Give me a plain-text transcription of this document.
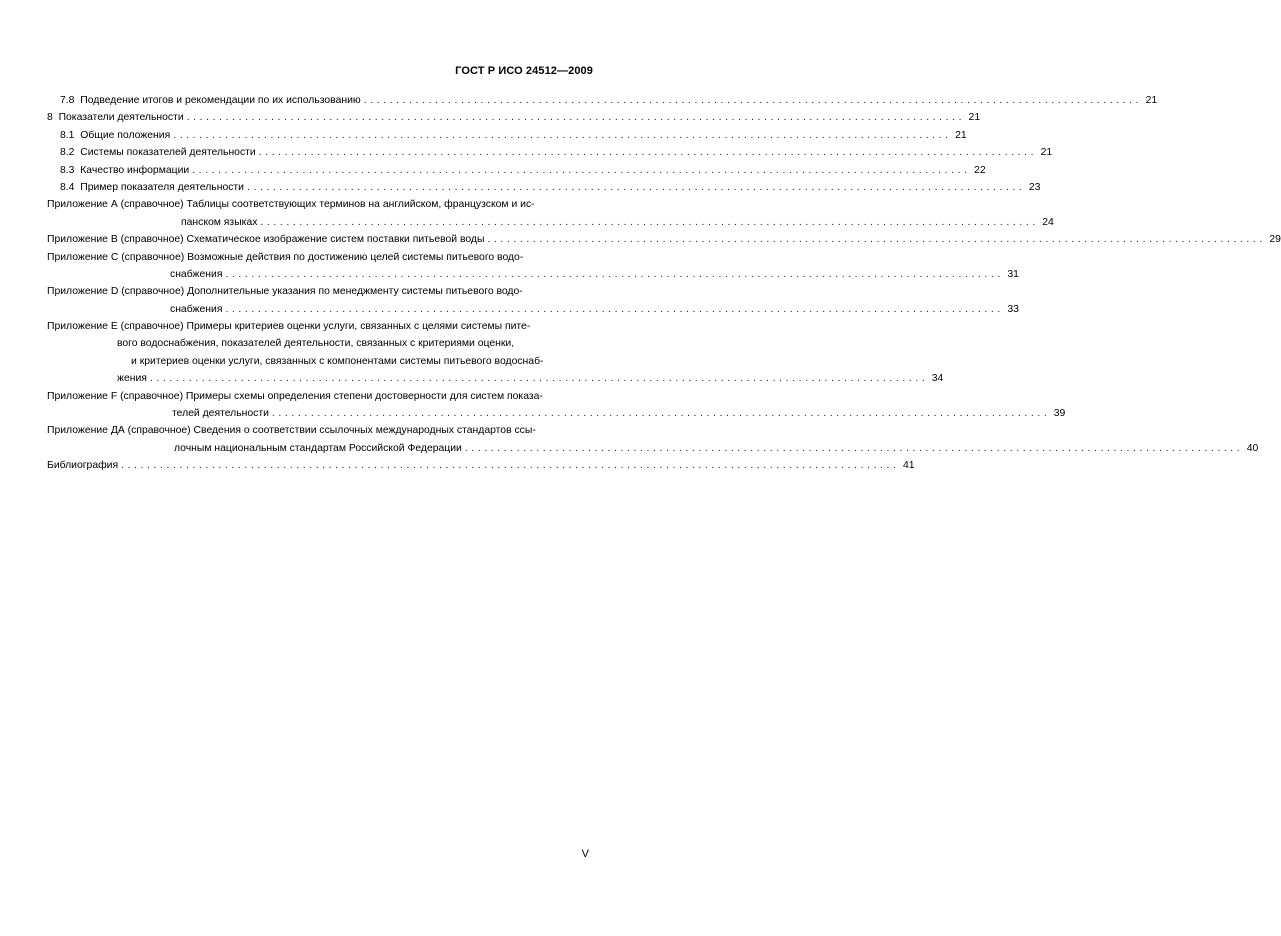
ГОСТ Р ИСО 24512—2009
7.8 Подведение итогов и рекомендации по их использованию ........................................................................................................................ 21
8 Показатели деятельности ........................................................................................................................ 21
8.1 Общие положения ........................................................................................................................ 21
8.2 Системы показателей деятельности ........................................................................................................................ 21
8.3 Качество информации ........................................................................................................................ 22
8.4 Пример показателя деятельности ........................................................................................................................ 23
Приложение А (справочное) Таблицы соответствующих терминов на английском, французском и ис-
панском языках ........................................................................................................................ 24
Приложение В (справочное) Схематическое изображение систем поставки питьевой воды ........................................................................................................................ 29
Приложение С (справочное) Возможные действия по достижению целей системы питьевого водо-
снабжения ........................................................................................................................ 31
Приложение D (справочное) Дополнительные указания по менеджменту системы питьевого водо-
снабжения ........................................................................................................................ 33
Приложение Е (справочное) Примеры критериев оценки услуги, связанных с целями системы пите-
вого водоснабжения, показателей деятельности, связанных с критериями оценки,
и критериев оценки услуги, связанных с компонентами системы питьевого водоснаб-
жения ........................................................................................................................ 34
Приложение F (справочное) Примеры схемы определения степени достоверности для систем показа-
телей деятельности ........................................................................................................................ 39
Приложение ДА (справочное) Сведения о соответствии ссылочных международных стандартов ссы-
лочным национальным стандартам Российской Федерации ........................................................................................................................ 40
Библиография ........................................................................................................................ 41
V
